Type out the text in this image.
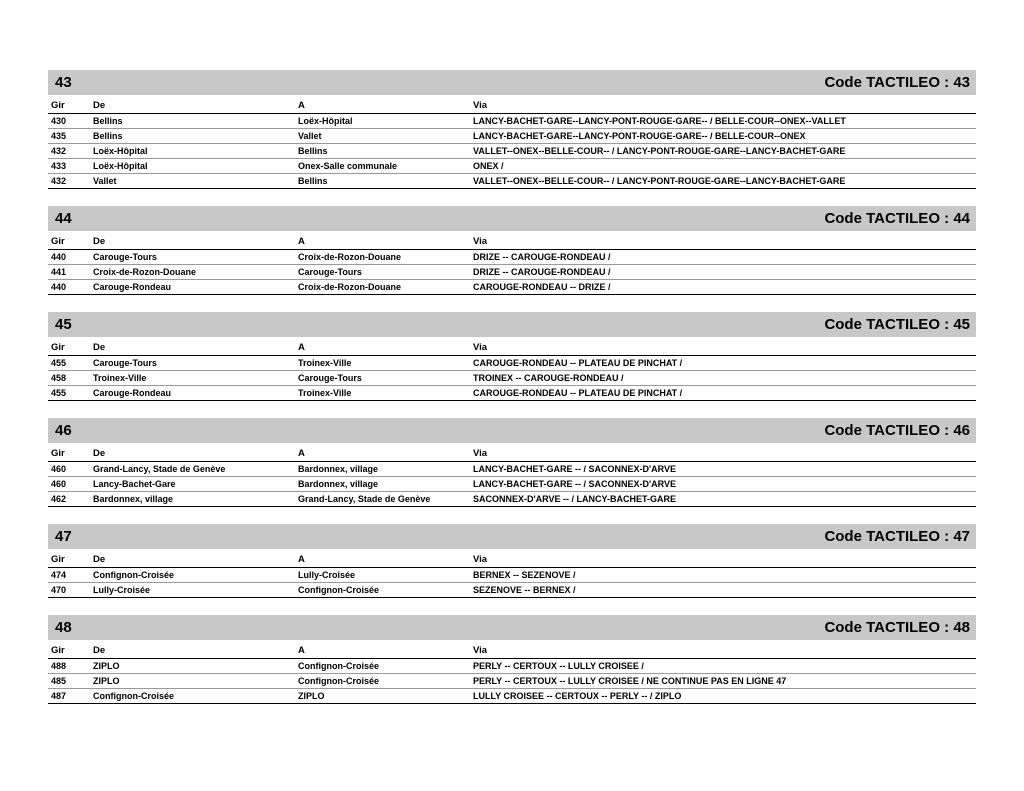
43	Code TACTILEO : 43
Gir	De	A	Via
430	Bellins	Loëx-Hôpital	LANCY-BACHET-GARE--LANCY-PONT-ROUGE-GARE-- / BELLE-COUR--ONEX--VALLET
435	Bellins	Vallet	LANCY-BACHET-GARE--LANCY-PONT-ROUGE-GARE-- / BELLE-COUR--ONEX
432	Loëx-Hôpital	Bellins	VALLET--ONEX--BELLE-COUR-- / LANCY-PONT-ROUGE-GARE--LANCY-BACHET-GARE
433	Loëx-Hôpital	Onex-Salle communale	ONEX /
432	Vallet	Bellins	VALLET--ONEX--BELLE-COUR-- / LANCY-PONT-ROUGE-GARE--LANCY-BACHET-GARE
44	Code TACTILEO : 44
Gir	De	A	Via
440	Carouge-Tours	Croix-de-Rozon-Douane	DRIZE -- CAROUGE-RONDEAU /
441	Croix-de-Rozon-Douane	Carouge-Tours	DRIZE -- CAROUGE-RONDEAU /
440	Carouge-Rondeau	Croix-de-Rozon-Douane	CAROUGE-RONDEAU -- DRIZE /
45	Code TACTILEO : 45
Gir	De	A	Via
455	Carouge-Tours	Troinex-Ville	CAROUGE-RONDEAU -- PLATEAU DE PINCHAT /
458	Troinex-Ville	Carouge-Tours	TROINEX -- CAROUGE-RONDEAU /
455	Carouge-Rondeau	Troinex-Ville	CAROUGE-RONDEAU -- PLATEAU DE PINCHAT /
46	Code TACTILEO : 46
Gir	De	A	Via
460	Grand-Lancy, Stade de Genève	Bardonnex, village	LANCY-BACHET-GARE -- / SACONNEX-D'ARVE
460	Lancy-Bachet-Gare	Bardonnex, village	LANCY-BACHET-GARE -- / SACONNEX-D'ARVE
462	Bardonnex, village	Grand-Lancy, Stade de Genève	SACONNEX-D'ARVE -- / LANCY-BACHET-GARE
47	Code TACTILEO : 47
Gir	De	A	Via
474	Confignon-Croisée	Lully-Croisée	BERNEX -- SEZENOVE /
470	Lully-Croisée	Confignon-Croisée	SEZENOVE -- BERNEX /
48	Code TACTILEO : 48
Gir	De	A	Via
488	ZIPLO	Confignon-Croisée	PERLY -- CERTOUX -- LULLY CROISEE /
485	ZIPLO	Confignon-Croisée	PERLY -- CERTOUX -- LULLY CROISEE / NE CONTINUE PAS EN LIGNE 47
487	Confignon-Croisée	ZIPLO	LULLY CROISEE -- CERTOUX -- PERLY -- / ZIPLO
